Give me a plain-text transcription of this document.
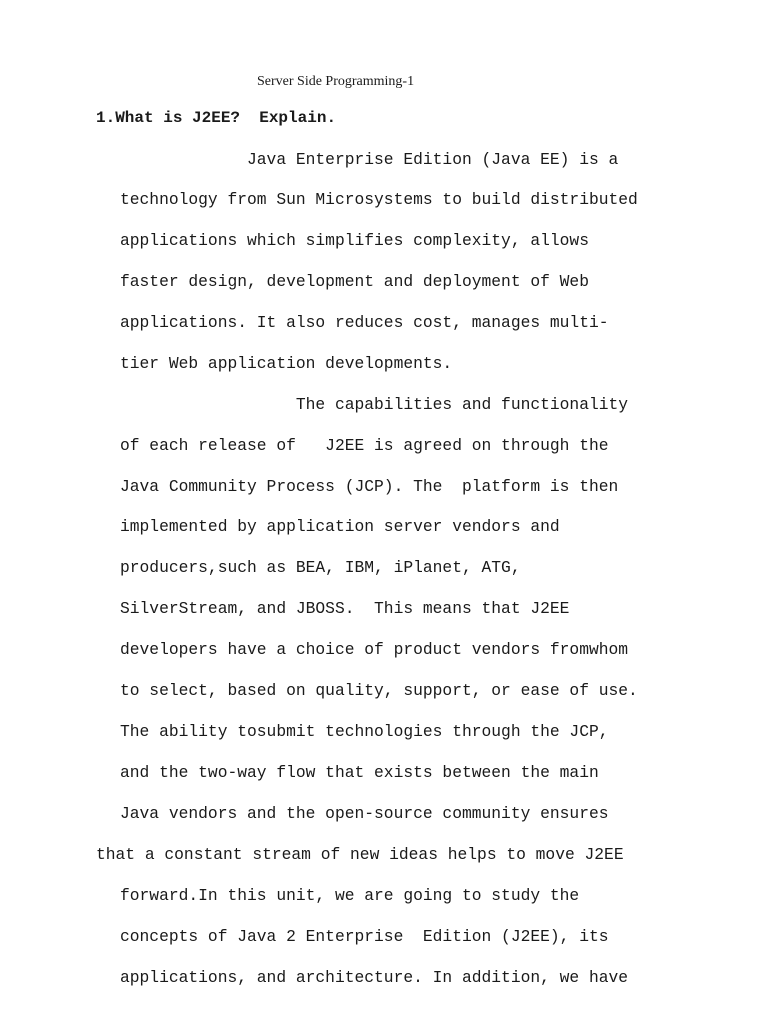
Server Side Programming-1
1.What is J2EE?  Explain.
Java Enterprise Edition (Java EE) is a
technology from Sun Microsystems to build distributed
applications which simplifies complexity, allows
faster design, development and deployment of Web
applications. It also reduces cost, manages multi-
tier Web application developments.
The capabilities and functionality
of each release of   J2EE is agreed on through the
Java Community Process (JCP). The  platform is then
implemented by application server vendors and
producers,such as BEA, IBM, iPlanet, ATG,
SilverStream, and JBOSS.  This means that J2EE
developers have a choice of product vendors fromwhom
to select, based on quality, support, or ease of use.
The ability tosubmit technologies through the JCP,
and the two-way flow that exists between the main
Java vendors and the open-source community ensures
that a constant stream of new ideas helps to move J2EE
forward.In this unit, we are going to study the
concepts of Java 2 Enterprise  Edition (J2EE), its
applications, and architecture. In addition, we have
